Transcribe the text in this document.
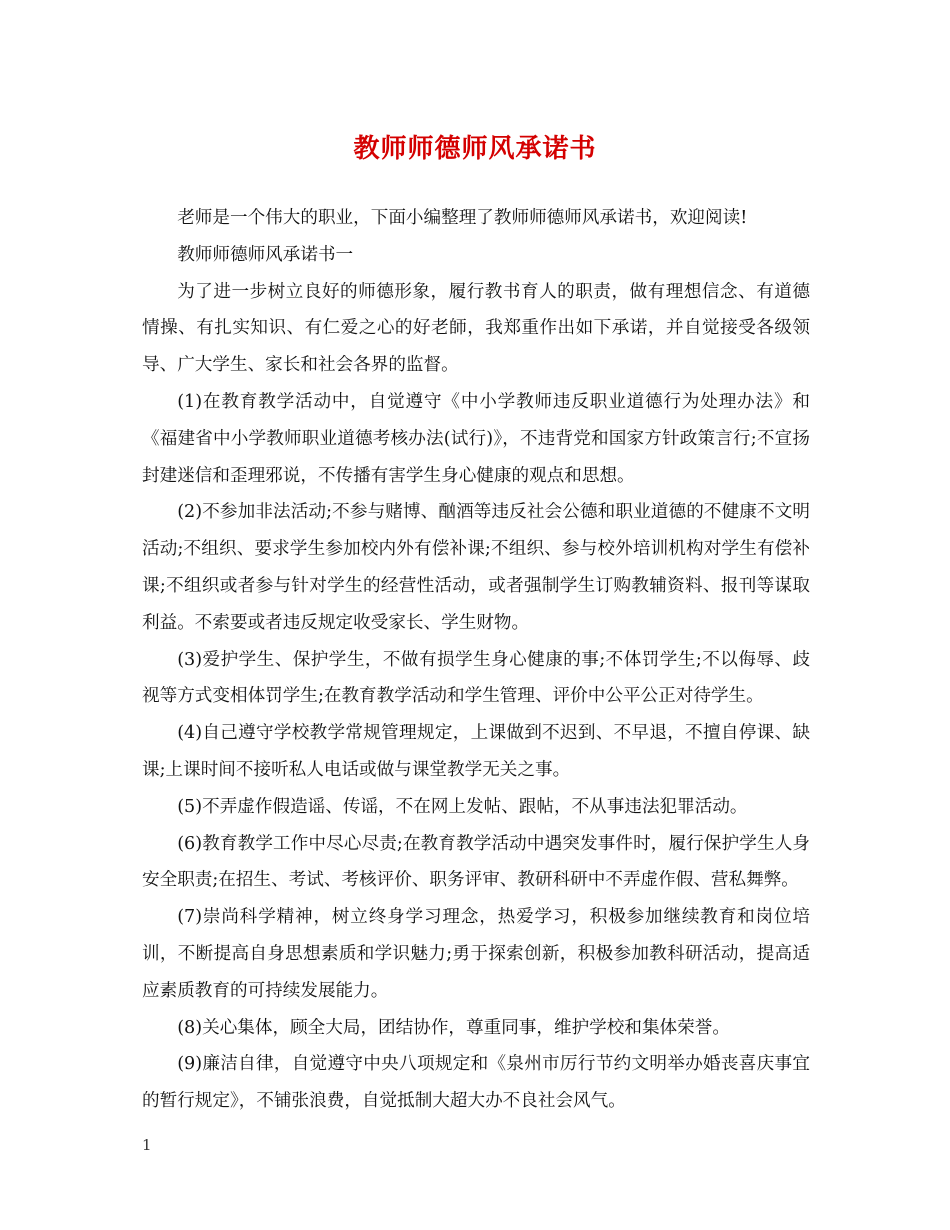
教师师德师风承诺书

老师是一个伟大的职业，下面小编整理了教师师德师风承诺书，欢迎阅读!

教师师德师风承诺书一

为了进一步树立良好的师德形象，履行教书育人的职责，做有理想信念、有道德情操、有扎实知识、有仁爱之心的好老師，我郑重作出如下承诺，并自觉接受各级领导、广大学生、家长和社会各界的监督。

(1)在教育教学活动中，自觉遵守《中小学教师违反职业道德行为处理办法》和《福建省中小学教师职业道德考核办法(试行)》，不违背党和国家方针政策言行;不宣扬封建迷信和歪理邪说，不传播有害学生身心健康的观点和思想。

(2)不参加非法活动;不参与赌博、酗酒等违反社会公德和职业道德的不健康不文明活动;不组织、要求学生参加校内外有偿补课;不组织、参与校外培训机构对学生有偿补课;不组织或者参与针对学生的经营性活动，或者强制学生订购教辅资料、报刊等谋取利益。不索要或者违反规定收受家长、学生财物。

(3)爱护学生、保护学生，不做有损学生身心健康的事;不体罚学生;不以侮辱、歧视等方式变相体罚学生;在教育教学活动和学生管理、评价中公平公正对待学生。

(4)自己遵守学校教学常规管理规定，上课做到不迟到、不早退，不擅自停课、缺课;上课时间不接听私人电话或做与课堂教学无关之事。

(5)不弄虚作假造谣、传谣，不在网上发帖、跟帖，不从事违法犯罪活动。

(6)教育教学工作中尽心尽责;在教育教学活动中遇突发事件时，履行保护学生人身安全职责;在招生、考试、考核评价、职务评审、教研科研中不弄虚作假、营私舞弊。

(7)崇尚科学精神，树立终身学习理念，热爱学习，积极参加继续教育和岗位培训，不断提高自身思想素质和学识魅力;勇于探索创新，积极参加教科研活动，提高适应素质教育的可持续发展能力。

(8)关心集体，顾全大局，团结协作，尊重同事，维护学校和集体荣誉。

(9)廉洁自律，自觉遵守中央八项规定和《泉州市厉行节约文明举办婚丧喜庆事宜的暂行规定》，不铺张浪费，自觉抵制大超大办不良社会风气。

1
